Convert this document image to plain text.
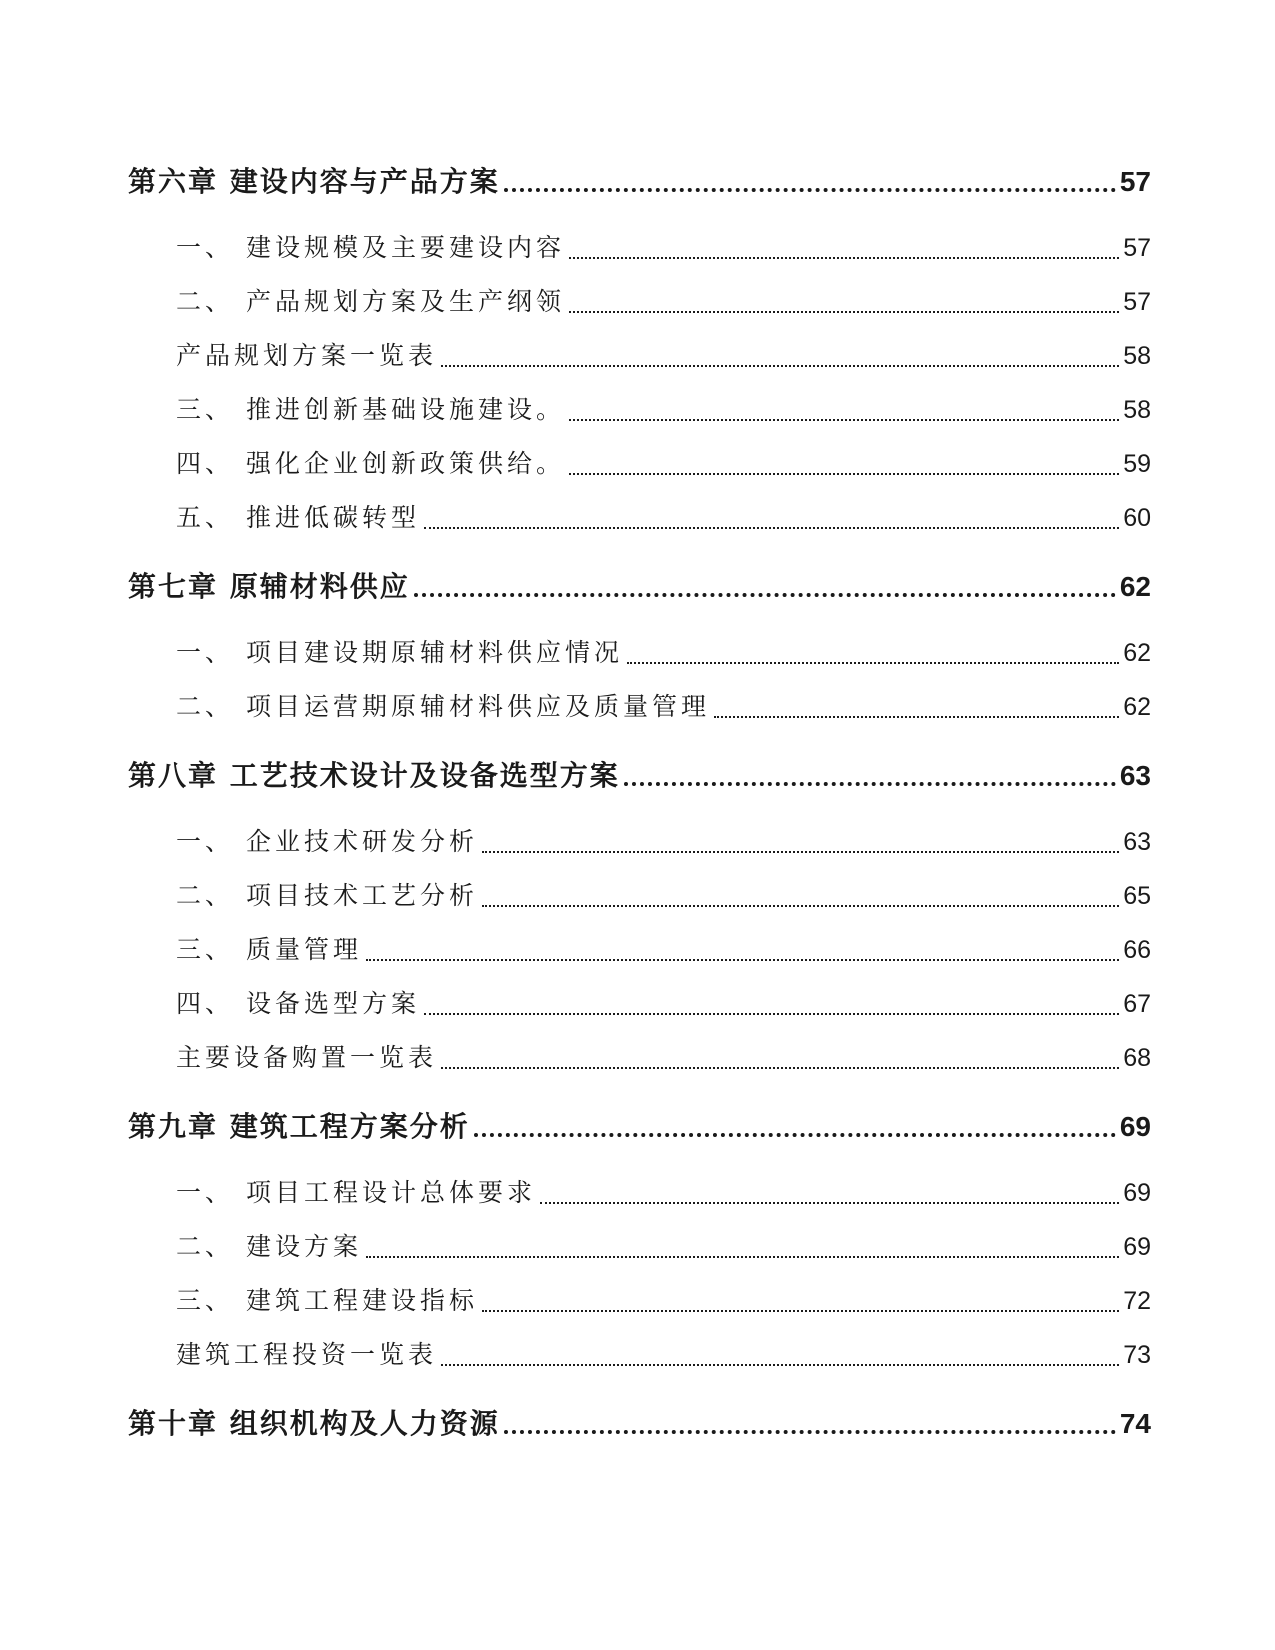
第六章 建设内容与产品方案	57
一、 建设规模及主要建设内容	57
二、 产品规划方案及生产纲领	57
产品规划方案一览表	58
三、 推进创新基础设施建设。	58
四、 强化企业创新政策供给。	59
五、 推进低碳转型	60
第七章 原辅材料供应	62
一、 项目建设期原辅材料供应情况	62
二、 项目运营期原辅材料供应及质量管理	62
第八章 工艺技术设计及设备选型方案	63
一、 企业技术研发分析	63
二、 项目技术工艺分析	65
三、 质量管理	66
四、 设备选型方案	67
主要设备购置一览表	68
第九章 建筑工程方案分析	69
一、 项目工程设计总体要求	69
二、 建设方案	69
三、 建筑工程建设指标	72
建筑工程投资一览表	73
第十章 组织机构及人力资源	74
